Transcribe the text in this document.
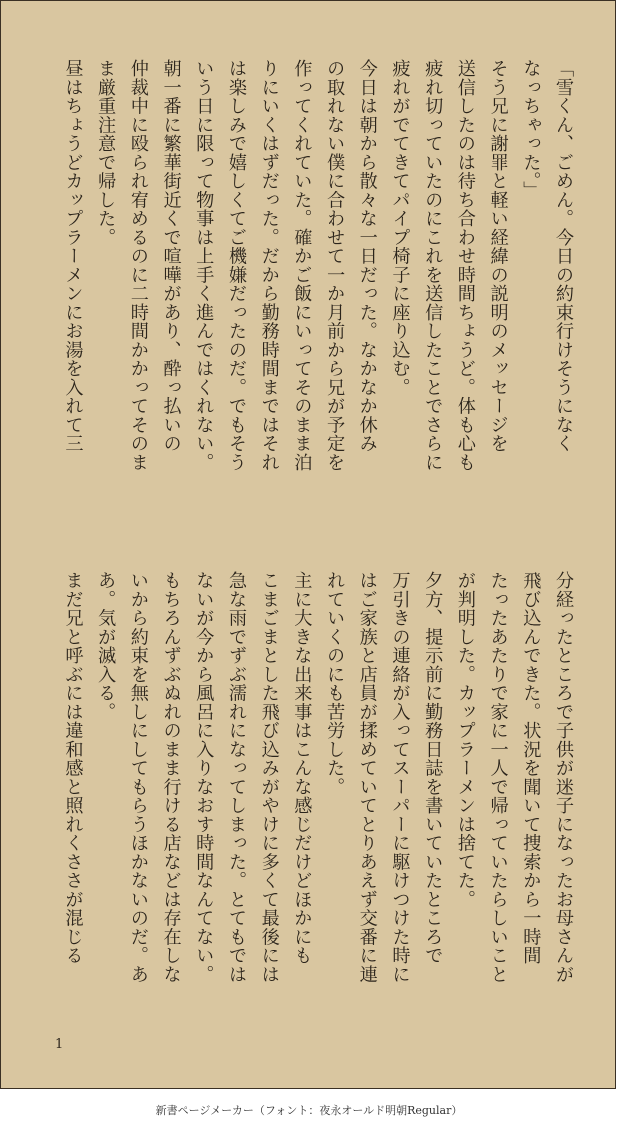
「雪くん、ごめん。今日の約束行けそうになく
なっちゃった。」
そう兄に謝罪と軽い経緯の説明のメッセージを
送信したのは待ち合わせ時間ちょうど。体も心も
疲れ切っていたのにこれを送信したことでさらに
疲れがでてきてパイプ椅子に座り込む。
今日は朝から散々な一日だった。なかなか休み
の取れない僕に合わせて一か月前から兄が予定を
作ってくれていた。確かご飯にいってそのまま泊
りにいくはずだった。だから勤務時間まではそれ
は楽しみで嬉しくてご機嫌だったのだ。でもそう
いう日に限って物事は上手く進んではくれない。
朝一番に繁華街近くで喧嘩があり、酔っ払いの
仲裁中に殴られ宥めるのに二時間かかってそのま
ま厳重注意で帰した。
昼はちょうどカップラーメンにお湯を入れて三
分経ったところで子供が迷子になったお母さんが
飛び込んできた。状況を聞いて捜索から一時間
たったあたりで家に一人で帰っていたらしいこと
が判明した。カップラーメンは捨てた。
夕方、提示前に勤務日誌を書いていたところで
万引きの連絡が入ってスーパーに駆けつけた時に
はご家族と店員が揉めていてとりあえず交番に連
れていくのにも苦労した。
主に大きな出来事はこんな感じだけどほかにも
こまごまとした飛び込みがやけに多くて最後には
急な雨でずぶ濡れになってしまった。とてもでは
ないが今から風呂に入りなおす時間なんてない。
もちろんずぶぬれのまま行ける店などは存在しな
いから約束を無しにしてもらうほかないのだ。あ
あ。気が滅入る。
まだ兄と呼ぶには違和感と照れくささが混じる
1
新書ページメーカー（フォント：夜永オールド明朝Regular）
